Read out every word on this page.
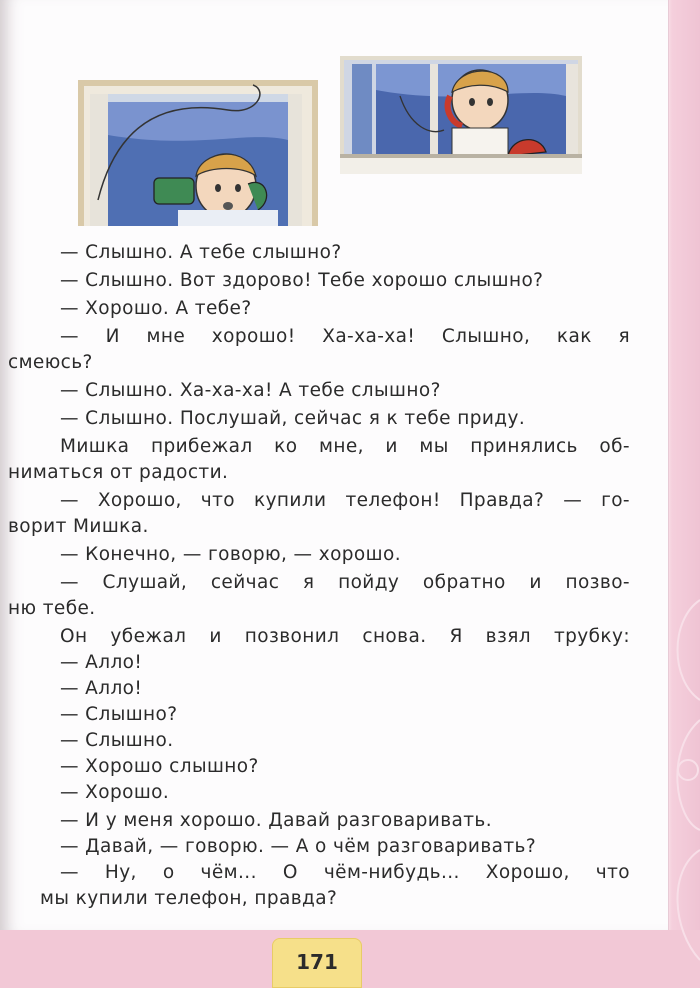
— Слышно. А тебе слышно?
— Слышно. Вот здорово! Тебе хорошо слышно?
— Хорошо. А тебе?
— И мне хорошо! Ха-ха-ха! Слышно, как я
смеюсь?
— Слышно. Ха-ха-ха! А тебе слышно?
— Слышно. Послушай, сейчас я к тебе приду.
Мишка прибежал ко мне, и мы принялись об-
ниматься от радости.
— Хорошо, что купили телефон! Правда? — го-
ворит Мишка.
— Конечно, — говорю, — хорошо.
— Слушай, сейчас я пойду обратно и позво-
ню тебе.
Он убежал и позвонил снова. Я взял трубку:
— Алло!
— Алло!
— Слышно?
— Слышно.
— Хорошо слышно?
— Хорошо.
— И у меня хорошо. Давай разговаривать.
— Давай, — говорю. — А о чём разговаривать?
— Ну, о чём... О чём-нибудь... Хорошо, что
мы купили телефон, правда?
171
